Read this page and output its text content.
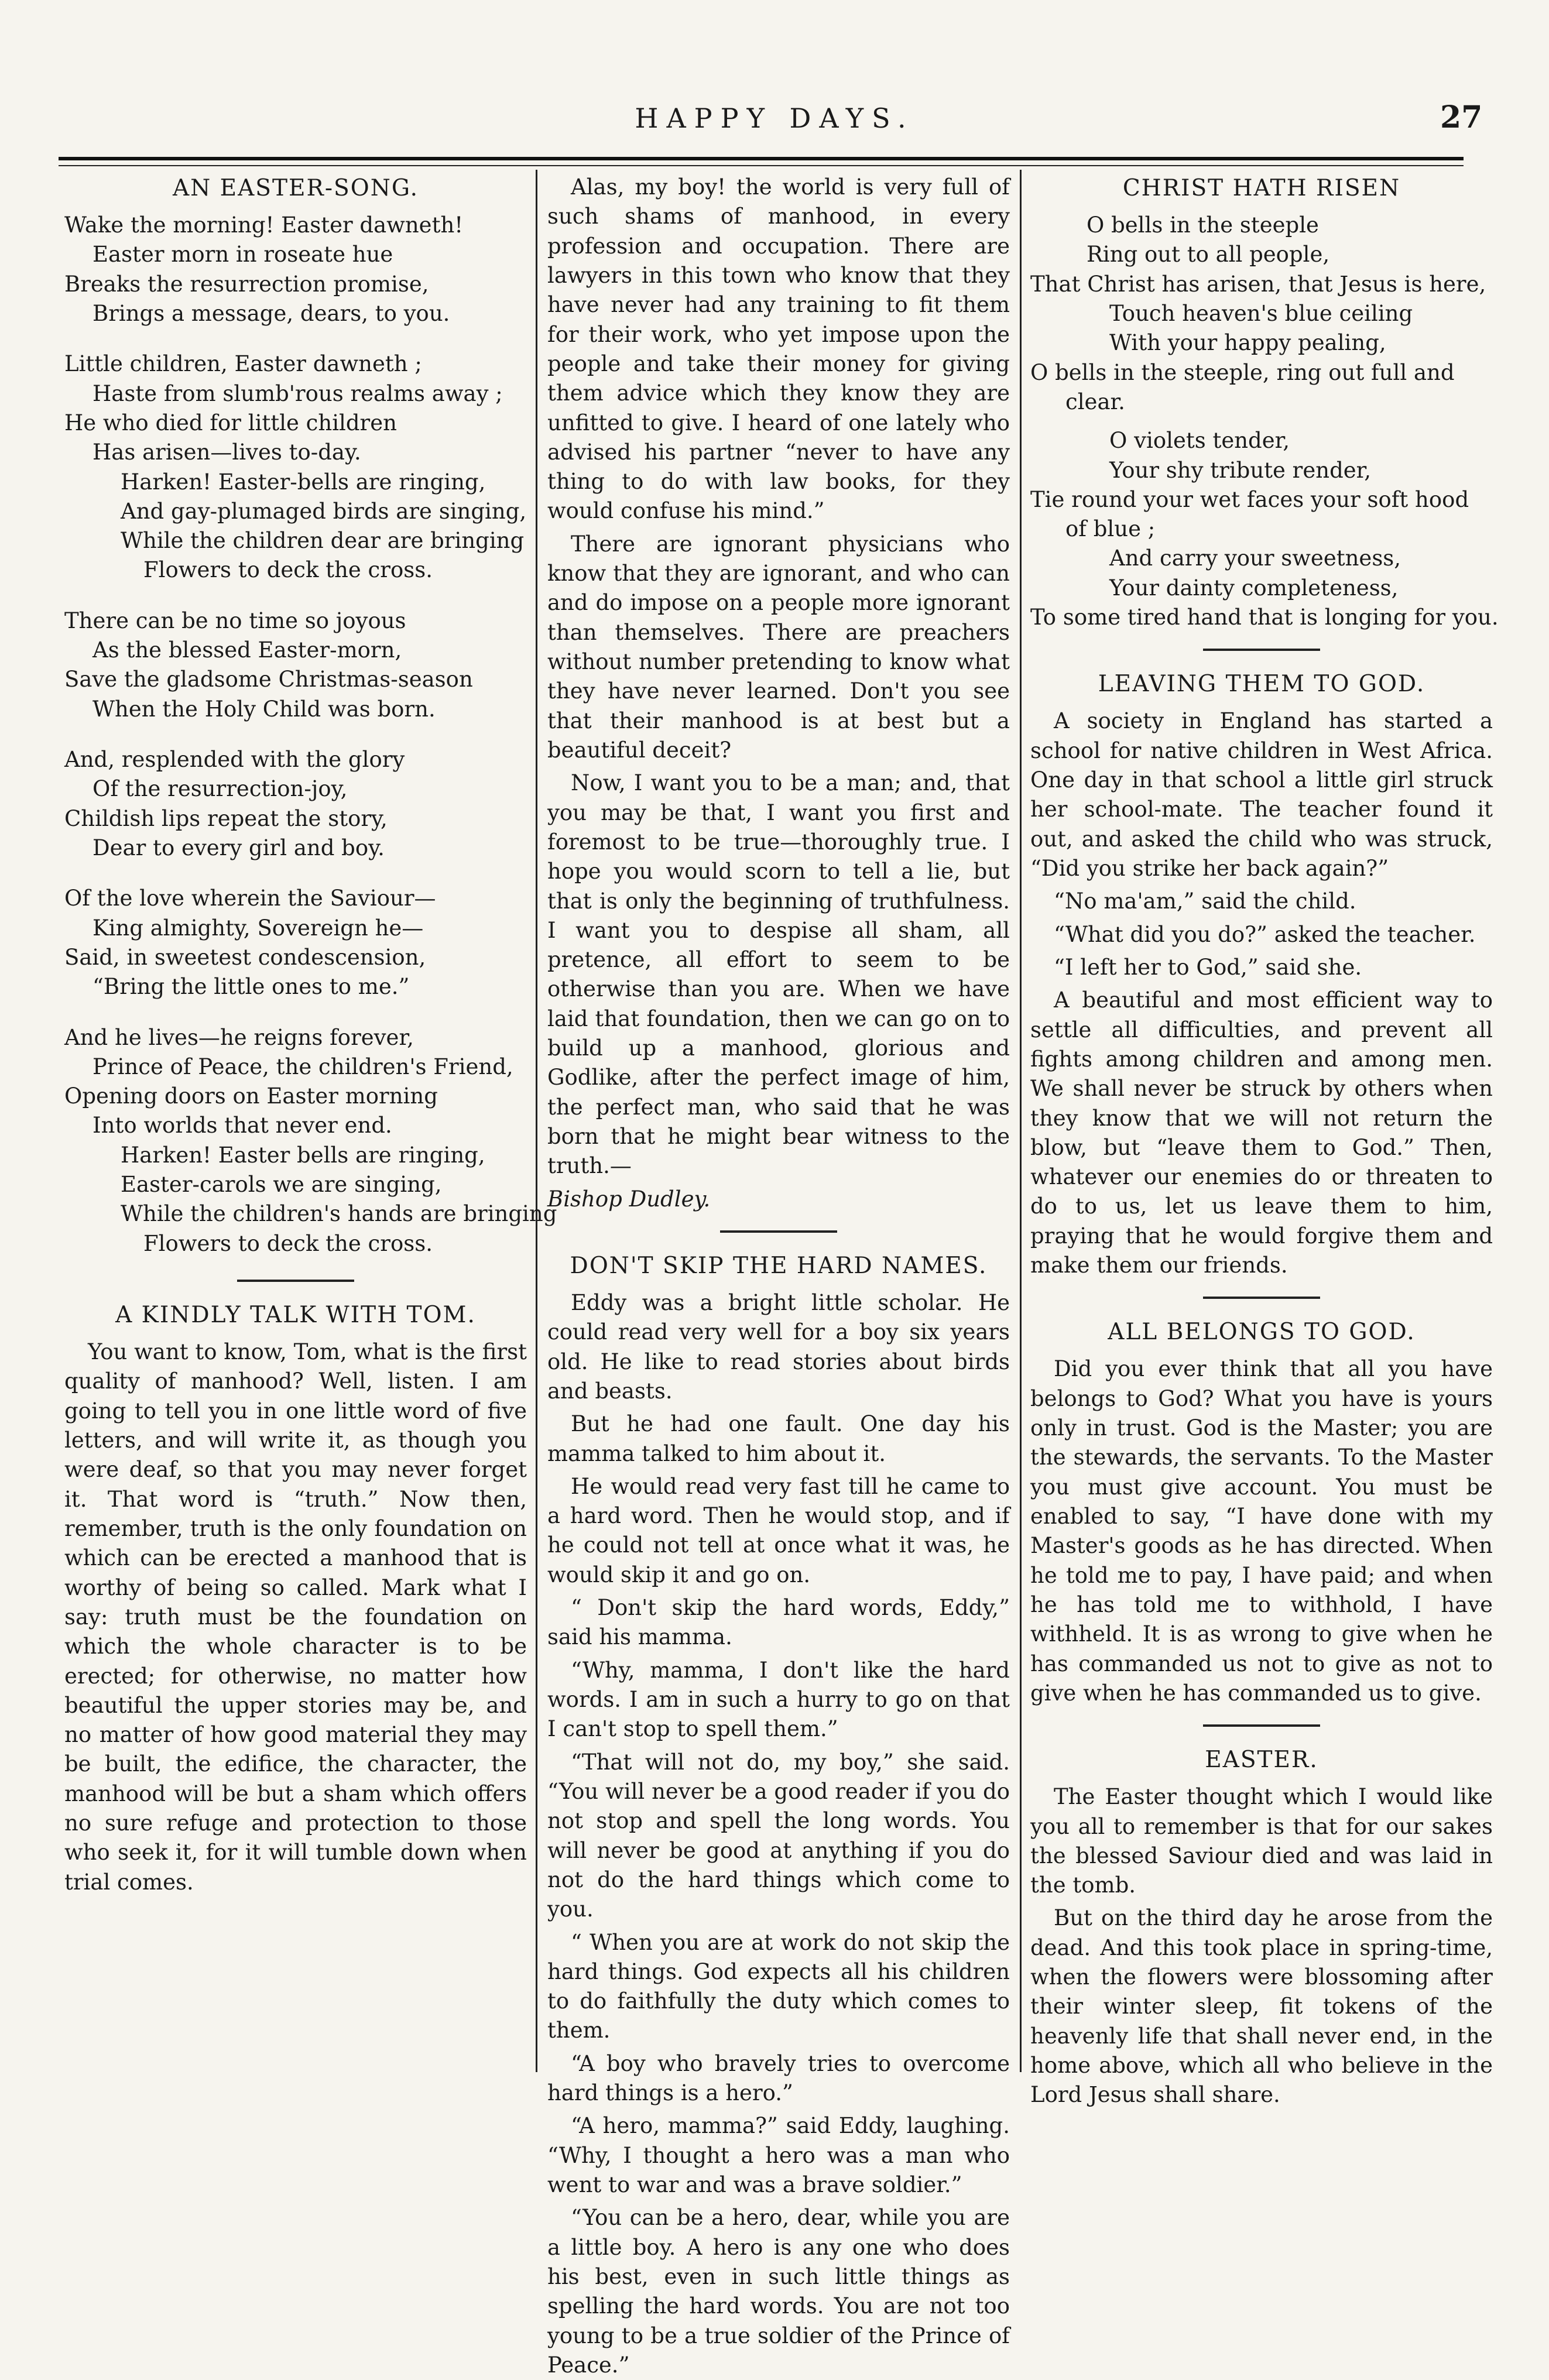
HAPPY DAYS.	27
AN EASTER-SONG.
Wake the morning! Easter dawneth!
Easter morn in roseate hue
Breaks the resurrection promise,
Brings a message, dears, to you.
Little children, Easter dawneth ;
Haste from slumb'rous realms away ;
He who died for little children
Has arisen—lives to-day.
Harken! Easter-bells are ringing,
And gay-plumaged birds are singing,
While the children dear are bringing
Flowers to deck the cross.
There can be no time so joyous
As the blessed Easter-morn,
Save the gladsome Christmas-season
When the Holy Child was born.
And, resplended with the glory
Of the resurrection-joy,
Childish lips repeat the story,
Dear to every girl and boy.
Of the love wherein the Saviour—
King almighty, Sovereign he—
Said, in sweetest condescension,
“Bring the little ones to me.”
And he lives—he reigns forever,
Prince of Peace, the children's Friend,
Opening doors on Easter morning
Into worlds that never end.
Harken! Easter bells are ringing,
Easter-carols we are singing,
While the children's hands are bringing
Flowers to deck the cross.
A KINDLY TALK WITH TOM.

You want to know, Tom, what is the first quality of manhood? Well, listen. I am going to tell you in one little word of five letters, and will write it, as though you were deaf, so that you may never forget it. That word is “truth.” Now then, remember, truth is the only foundation on which can be erected a manhood that is worthy of being so called. Mark what I say: truth must be the foundation on which the whole character is to be erected; for otherwise, no matter how beautiful the upper stories may be, and no matter of how good material they may be built, the edifice, the character, the manhood will be but a sham which offers no sure refuge and protection to those who seek it, for it will tumble down when trial comes.

Alas, my boy! the world is very full of such shams of manhood, in every profession and occupation. There are lawyers in this town who know that they have never had any training to fit them for their work, who yet impose upon the people and take their money for giving them advice which they know they are unfitted to give. I heard of one lately who advised his partner “never to have any thing to do with law books, for they would confuse his mind.”

There are ignorant physicians who know that they are ignorant, and who can and do impose on a people more ignorant than themselves. There are preachers without number pretending to know what they have never learned. Don't you see that their manhood is at best but a beautiful deceit?

Now, I want you to be a man; and, that you may be that, I want you first and foremost to be true—thoroughly true. I hope you would scorn to tell a lie, but that is only the beginning of truthfulness. I want you to despise all sham, all pretence, all effort to seem to be otherwise than you are. When we have laid that foundation, then we can go on to build up a manhood, glorious and Godlike, after the perfect image of him, the perfect man, who said that he was born that he might bear witness to the truth.—

Bishop Dudley.

DON'T SKIP THE HARD NAMES.

Eddy was a bright little scholar. He could read very well for a boy six years old. He like to read stories about birds and beasts.

But he had one fault. One day his mamma talked to him about it.

He would read very fast till he came to a hard word. Then he would stop, and if he could not tell at once what it was, he would skip it and go on.

“ Don't skip the hard words, Eddy,” said his mamma.

“Why, mamma, I don't like the hard words. I am in such a hurry to go on that I can't stop to spell them.”

“That will not do, my boy,” she said. “You will never be a good reader if you do not stop and spell the long words. You will never be good at anything if you do not do the hard things which come to you.

“ When you are at work do not skip the hard things. God expects all his children to do faithfully the duty which comes to them.

“A boy who bravely tries to overcome hard things is a hero.”

“A hero, mamma?” said Eddy, laughing. “Why, I thought a hero was a man who went to war and was a brave soldier.”

“You can be a hero, dear, while you are a little boy. A hero is any one who does his best, even in such little things as spelling the hard words. You are not too young to be a true soldier of the Prince of Peace.”

CHRIST HATH RISEN
O bells in the steeple
Ring out to all people,
That Christ has arisen, that Jesus is here,
Touch heaven's blue ceiling
With your happy pealing,
O bells in the steeple, ring out full and clear.
O violets tender,
Your shy tribute render,
Tie round your wet faces your soft hood of blue ;
And carry your sweetness,
Your dainty completeness,
To some tired hand that is longing for you.
LEAVING THEM TO GOD.

A society in England has started a school for native children in West Africa. One day in that school a little girl struck her school-mate. The teacher found it out, and asked the child who was struck, “Did you strike her back again?”

“No ma'am,” said the child.

“What did you do?” asked the teacher.

“I left her to God,” said she.

A beautiful and most efficient way to settle all difficulties, and prevent all fights among children and among men. We shall never be struck by others when they know that we will not return the blow, but “leave them to God.” Then, whatever our enemies do or threaten to do to us, let us leave them to him, praying that he would forgive them and make them our friends.

ALL BELONGS TO GOD.

Did you ever think that all you have belongs to God? What you have is yours only in trust. God is the Master; you are the stewards, the servants. To the Master you must give account. You must be enabled to say, “I have done with my Master's goods as he has directed. When he told me to pay, I have paid; and when he has told me to withhold, I have withheld. It is as wrong to give when he has commanded us not to give as not to give when he has commanded us to give.

EASTER.

The Easter thought which I would like you all to remember is that for our sakes the blessed Saviour died and was laid in the tomb.

But on the third day he arose from the dead. And this took place in spring-time, when the flowers were blossoming after their winter sleep, fit tokens of the heavenly life that shall never end, in the home above, which all who believe in the Lord Jesus shall share.
